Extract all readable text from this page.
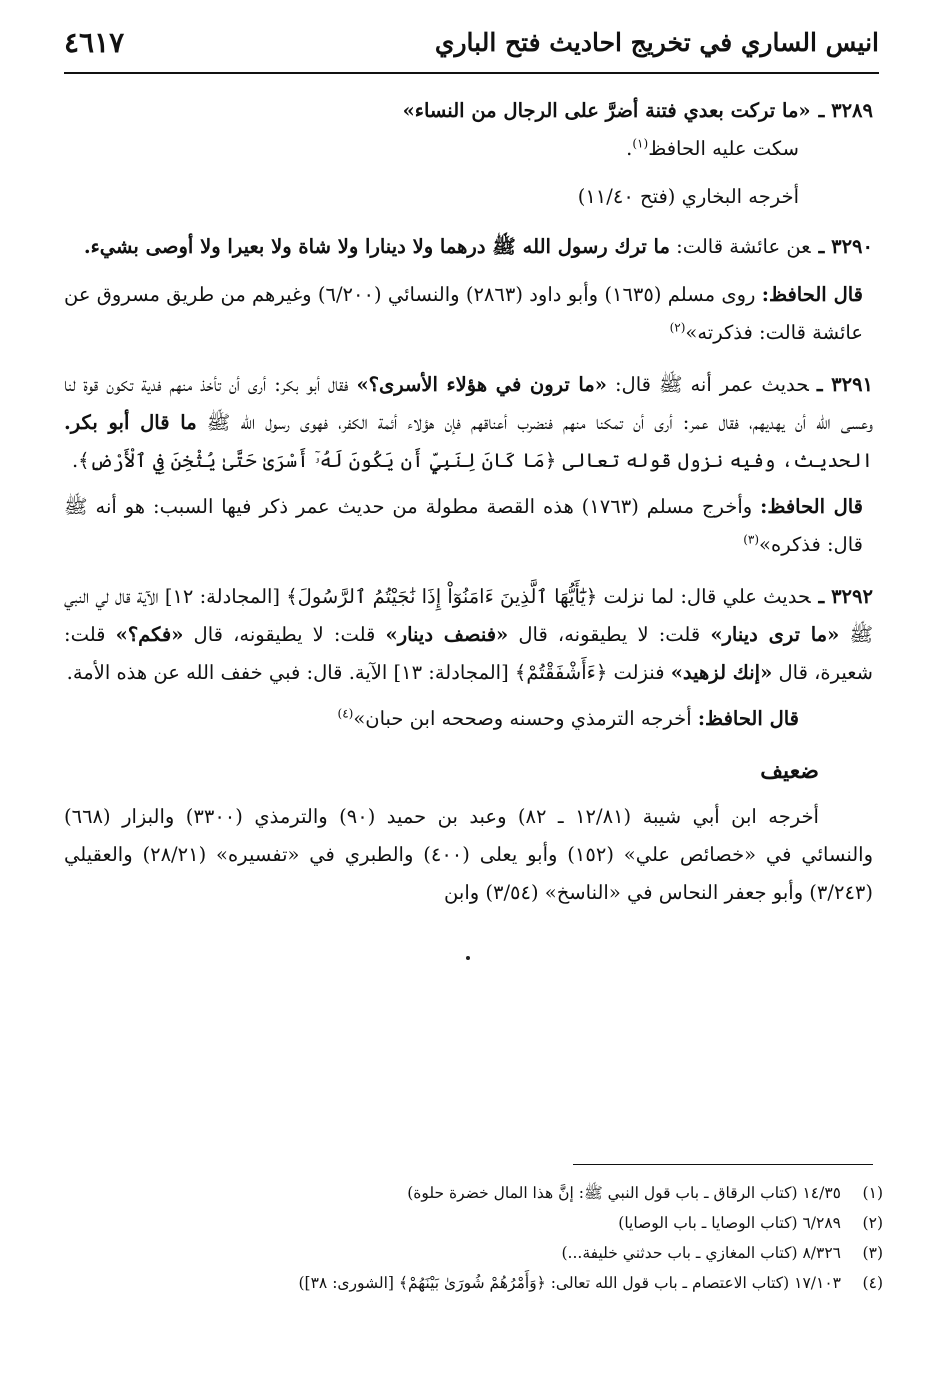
انيس الساري في تخريج احاديث فتح الباري
٤٦١٧
٣٢٨٩ ـ«ما تركت بعدي فتنة أضرَّ على الرجال من النساء»
سكت عليه الحافظ$^{(١)}$.
أخرجه البخاري (فتح ١١/٤٠)
٣٢٩٠ ـعن عائشة قالت: ما ترك رسول الله ﷺ درهما ولا دينارا ولا شاة ولا بعيرا ولا أوصى بشيء.
قال الحافظ: روى مسلم (١٦٣٥) وأبو داود (٢٨٦٣) والنسائي (٦/٢٠٠) وغيرهم من طريق مسروق عن عائشة قالت: فذكرته»$^{(٢)}$
٣٢٩١ ـحديث عمر أنه ﷺ قال: «ما ترون في هؤلاء الأسرى؟» فقال أبو بكر: أرى أن تأخذ منهم فدية تكون قوة لنا وعسى الله أن يهديهم، فقال عمر: أرى أن تمكنا منهم فنضرب أعناقهم فإن هؤلاء أئمة الكفر، فهوى رسول الله ﷺ ما قال أبو بكر. الحديث، وفيه نزول قوله تعالى ﴿مَا كَانَ لِنَبِيٍّ أَن يَكُونَ لَهُۥٓ أَسْرَىٰ حَتَّىٰ يُثْخِنَ فِي ٱلْأَرْضِ﴾.
قال الحافظ: وأخرج مسلم (١٧٦٣) هذه القصة مطولة من حديث عمر ذكر فيها السبب: هو أنه ﷺ قال: فذكره»$^{(٣)}$
٣٢٩٢ ـحديث علي قال: لما نزلت ﴿يَٰٓأَيُّهَا ٱلَّذِينَ ءَامَنُوٓاْ إِذَا نَٰجَيْتُمُ ٱلرَّسُولَ﴾ [المجادلة: ١٢] الآية قال لي النبي ﷺ «ما ترى دينار» قلت: لا يطيقونه، قال «فنصف دينار» قلت: لا يطيقونه، قال «فكم؟» قلت: شعيرة، قال «إنك لزهيد» فنزلت ﴿ءَأَشْفَقْتُمْ﴾ [المجادلة: ١٣] الآية. قال: فبي خفف الله عن هذه الأمة.
قال الحافظ: أخرجه الترمذي وحسنه وصححه ابن حبان»$^{(٤)}$
ضعيف
أخرجه ابن أبي شيبة (١٢/٨١ ـ ٨٢) وعبد بن حميد (٩٠) والترمذي (٣٣٠٠) والبزار (٦٦٨) والنسائي في «خصائص علي» (١٥٢) وأبو يعلى (٤٠٠) والطبري في «تفسيره» (٢٨/٢١) والعقيلي (٣/٢٤٣) وأبو جعفر النحاس في «الناسخ» (٣/٥٤) وابن
(١)١٤/٣٥ (كتاب الرقاق ـ باب قول النبي ﷺ: إنَّ هذا المال خضرة حلوة)
(٢)٦/٢٨٩ (كتاب الوصايا ـ باب الوصايا)
(٣)٨/٣٢٦ (كتاب المغازي ـ باب حدثني خليفة...)
(٤)١٧/١٠٣ (كتاب الاعتصام ـ باب قول الله تعالى: ﴿وَأَمْرُهُمْ شُورَىٰ بَيْنَهُمْ﴾ [الشورى: ٣٨])
